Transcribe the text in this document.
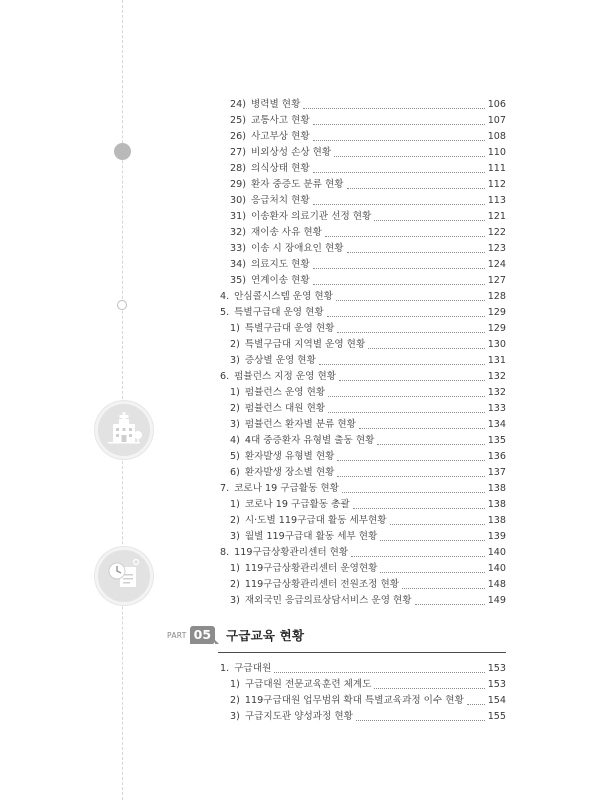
24) 병력별 현황	106
25) 교통사고 현황	107
26) 사고부상 현황	108
27) 비외상성 손상 현황	110
28) 의식상태 현황	111
29) 환자 중증도 분류 현황	112
30) 응급처치 현황	113
31) 이송환자 의료기관 선정 현황	121
32) 재이송 사유 현황	122
33) 이송 시 장애요인 현황	123
34) 의료지도 현황	124
35) 연계이송 현황	127
4. 안심콜시스템 운영 현황	128
5. 특별구급대 운영 현황	129
1) 특별구급대 운영 현황	129
2) 특별구급대 지역별 운영 현황	130
3) 증상별 운영 현황	131
6. 펌뷸런스 지정 운영 현황	132
1) 펌뷸런스 운영 현황	132
2) 펌뷸런스 대원 현황	133
3) 펌뷸런스 환자별 분류 현황	134
4) 4대 중증환자 유형별 출동 현황	135
5) 환자발생 유형별 현황	136
6) 환자발생 장소별 현황	137
7. 코로나 19 구급활동 현황	138
1) 코로나 19 구급활동 총괄	138
2) 시·도별 119구급대 활동 세부현황	138
3) 월별 119구급대 활동 세부 현황	139
8. 119구급상황관리센터 현황	140
1) 119구급상황관리센터 운영현황	140
2) 119구급상황관리센터 전원조정 현황	148
3) 재외국민 응급의료상담서비스 운영 현황	149
PART 05	구급교육 현황
1. 구급대원	153
1) 구급대원 전문교육훈련 체계도	153
2) 119구급대원 업무범위 확대 특별교육과정 이수 현황 154
3) 구급지도관 양성과정 현황	155
